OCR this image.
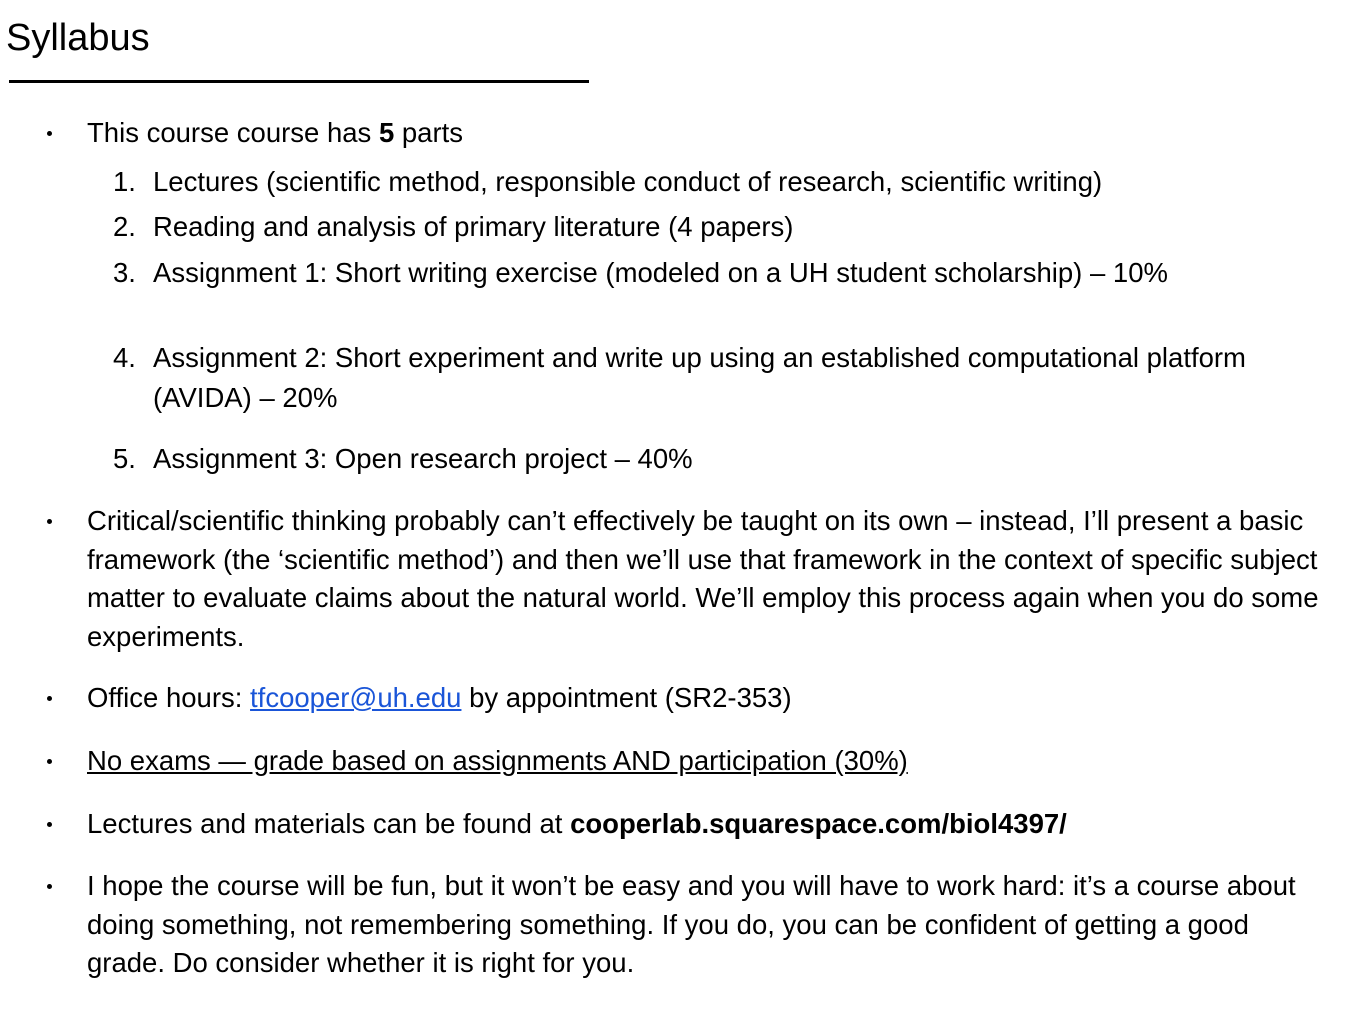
Syllabus
This course course has 5 parts
1. Lectures (scientific method, responsible conduct of research, scientific writing)
2. Reading and analysis of primary literature (4 papers)
3. Assignment 1: Short writing exercise (modeled on a UH student scholarship) – 10%
4. Assignment 2: Short experiment and write up using an established computational platform (AVIDA) – 20%
5. Assignment 3: Open research project – 40%
Critical/scientific thinking probably can’t effectively be taught on its own – instead, I’ll present a basic framework (the ‘scientific method’) and then we’ll use that framework in the context of specific subject matter to evaluate claims about the natural world. We’ll employ this process again when you do some experiments.
Office hours: tfcooper@uh.edu by appointment (SR2-353)
No exams — grade based on assignments AND participation (30%)
Lectures and materials can be found at cooperlab.squarespace.com/biol4397/
I hope the course will be fun, but it won’t be easy and you will have to work hard: it’s a course about doing something, not remembering something. If you do, you can be confident of getting a good grade. Do consider whether it is right for you.
